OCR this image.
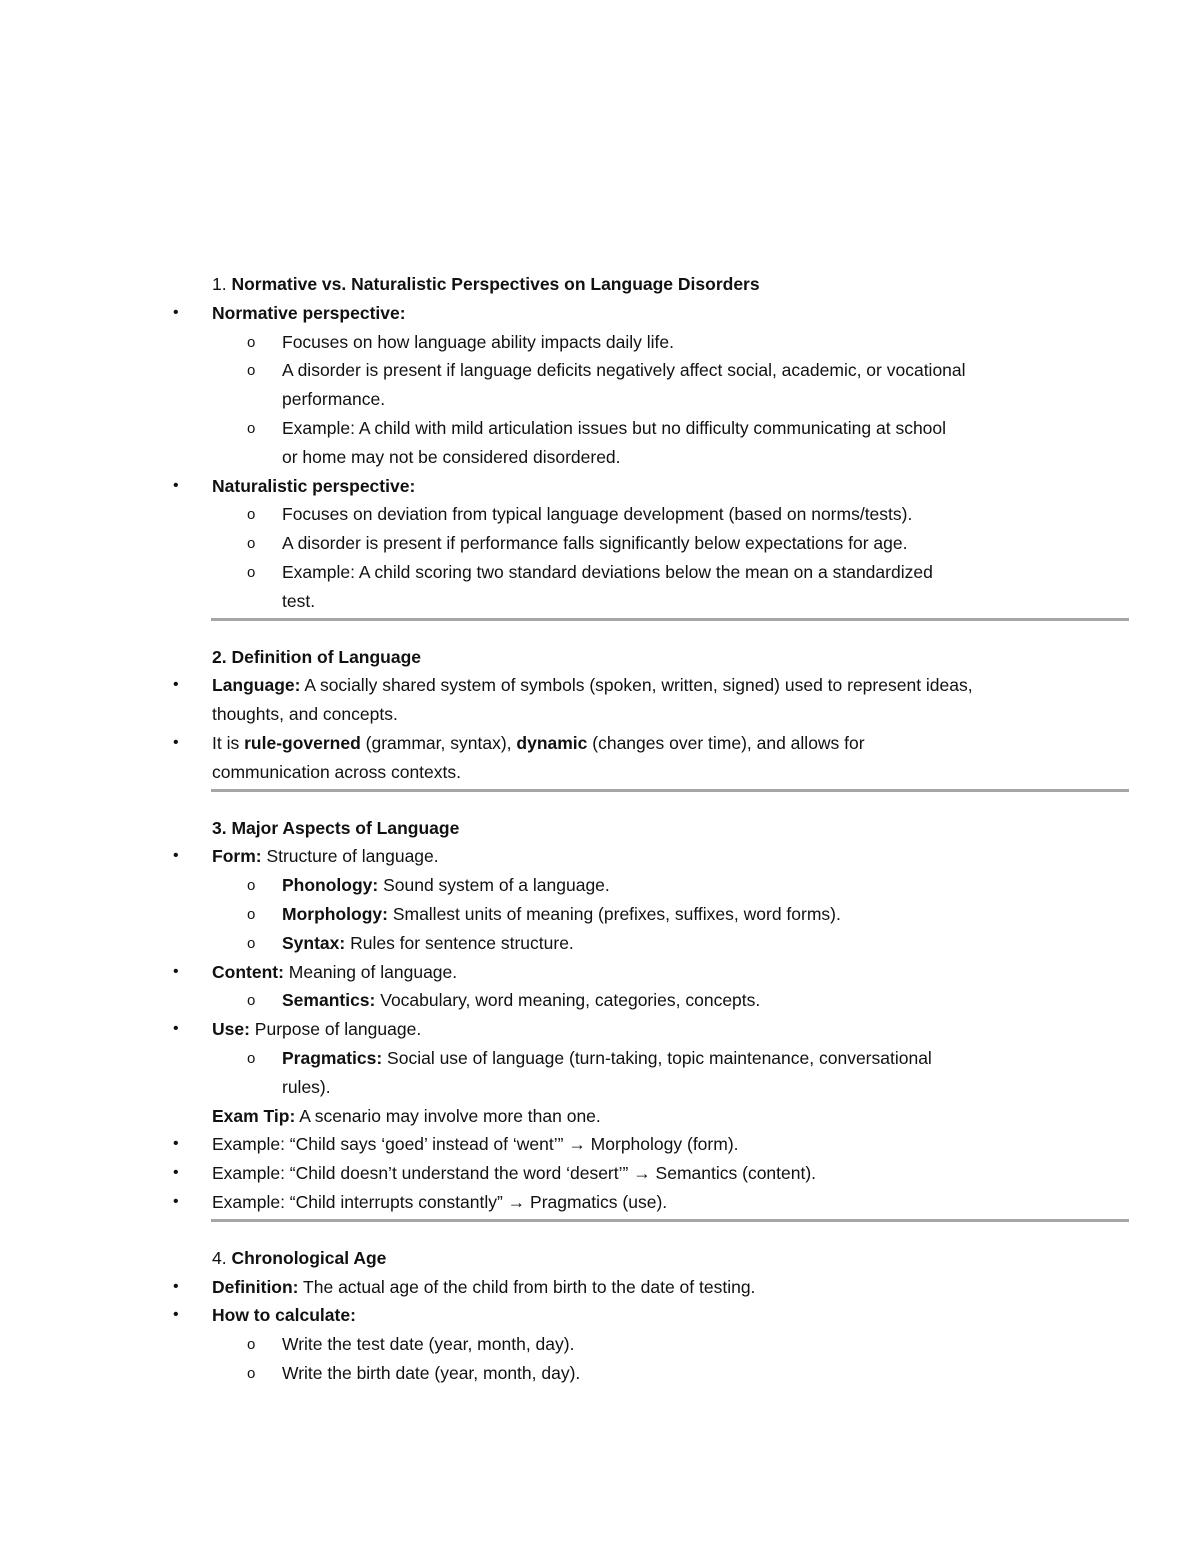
1. Normative vs. Naturalistic Perspectives on Language Disorders
• Normative perspective:
o Focuses on how language ability impacts daily life.
o A disorder is present if language deficits negatively affect social, academic, or vocational
performance.
o Example: A child with mild articulation issues but no difficulty communicating at school
or home may not be considered disordered.
• Naturalistic perspective:
o Focuses on deviation from typical language development (based on norms/tests).
o A disorder is present if performance falls significantly below expectations for age.
o Example: A child scoring two standard deviations below the mean on a standardized
test.
2. Definition of Language
• Language: A socially shared system of symbols (spoken, written, signed) used to represent ideas,
thoughts, and concepts.
• It is rule-governed (grammar, syntax), dynamic (changes over time), and allows for
communication across contexts.
3. Major Aspects of Language
• Form: Structure of language.
o Phonology: Sound system of a language.
o Morphology: Smallest units of meaning (prefixes, suffixes, word forms).
o Syntax: Rules for sentence structure.
• Content: Meaning of language.
o Semantics: Vocabulary, word meaning, categories, concepts.
• Use: Purpose of language.
o Pragmatics: Social use of language (turn-taking, topic maintenance, conversational
rules).
Exam Tip: A scenario may involve more than one.
• Example: “Child says ‘goed’ instead of ‘went’” → Morphology (form).
• Example: “Child doesn’t understand the word ‘desert’” → Semantics (content).
• Example: “Child interrupts constantly” → Pragmatics (use).
4. Chronological Age
• Definition: The actual age of the child from birth to the date of testing.
• How to calculate:
o Write the test date (year, month, day).
o Write the birth date (year, month, day).
